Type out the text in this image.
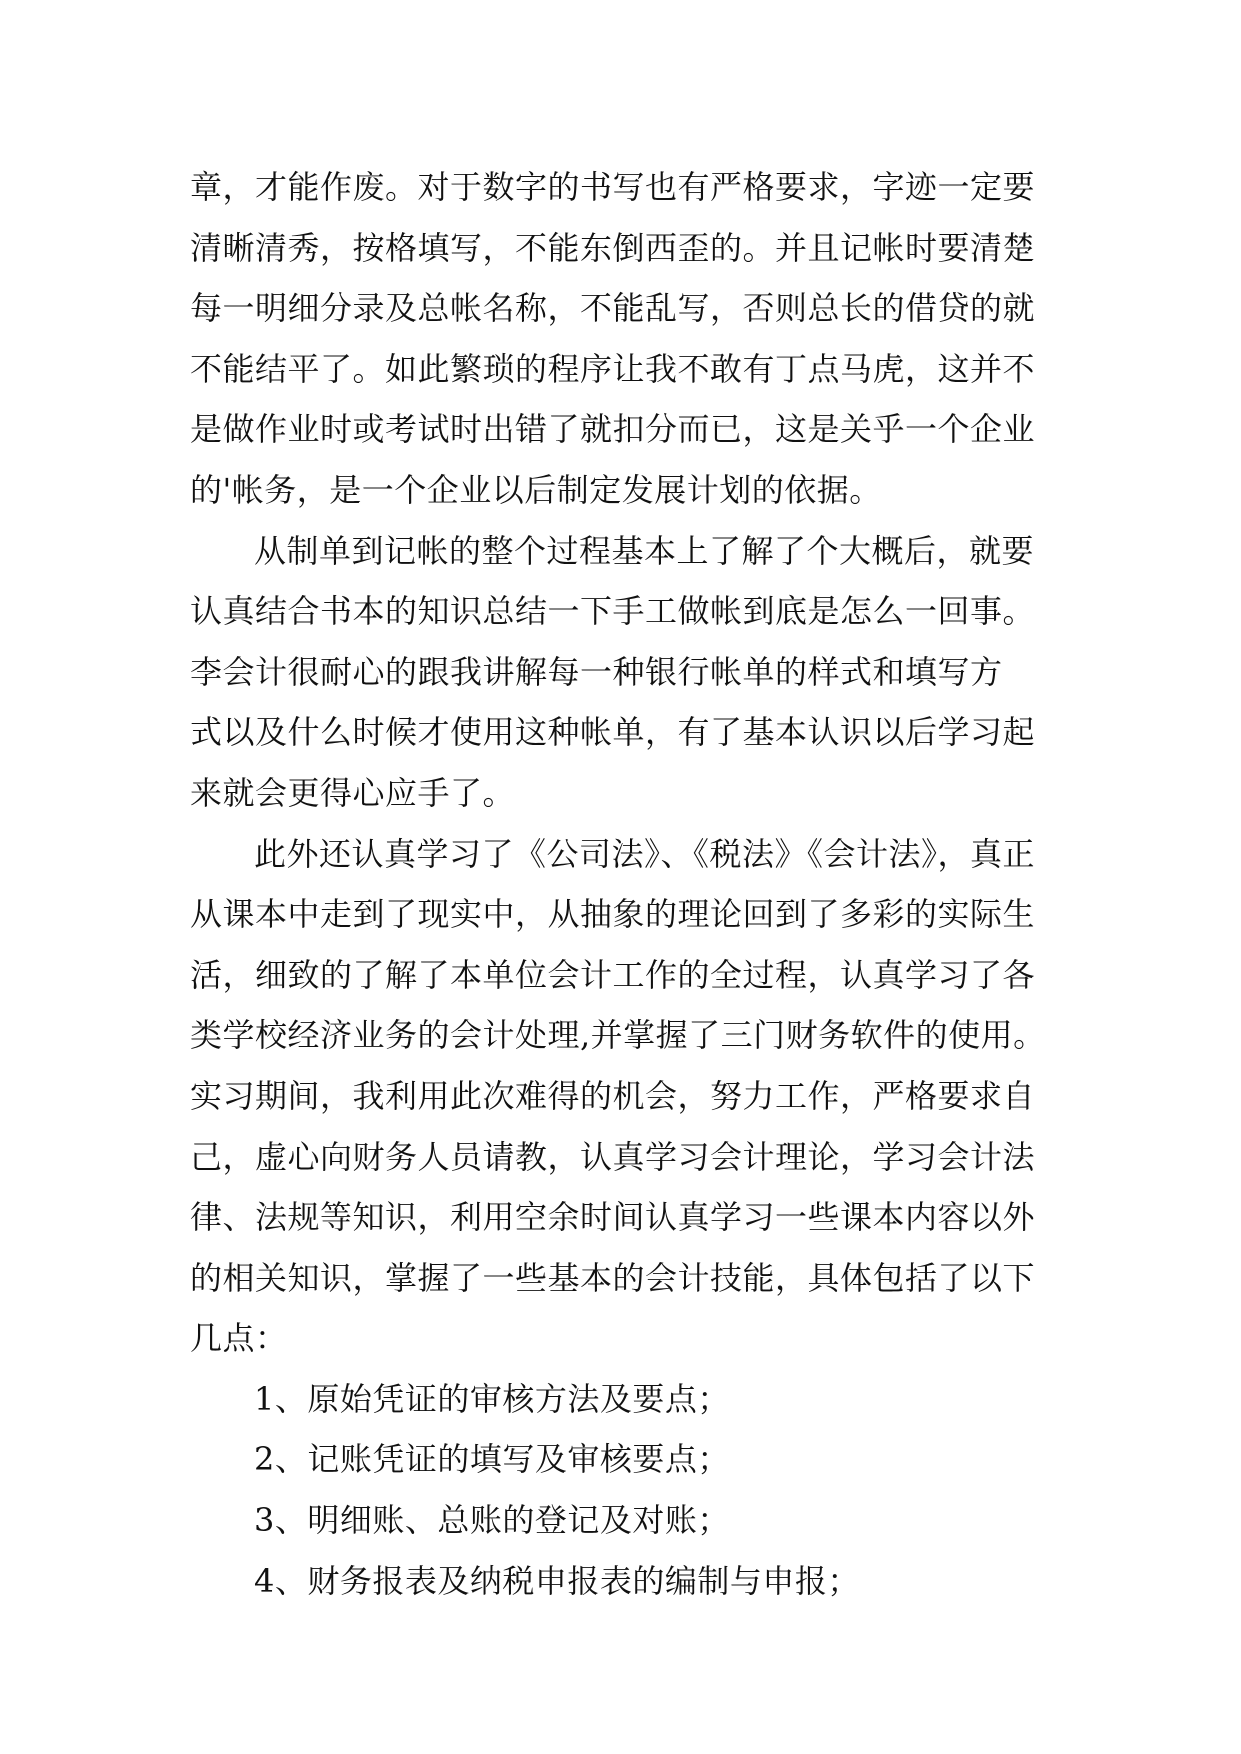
章，才能作废。对于数字的书写也有严格要求，字迹一定要
清晰清秀，按格填写，不能东倒西歪的。并且记帐时要清楚
每一明细分录及总帐名称，不能乱写，否则总长的借贷的就
不能结平了。如此繁琐的程序让我不敢有丁点马虎，这并不
是做作业时或考试时出错了就扣分而已，这是关乎一个企业
的'帐务，是一个企业以后制定发展计划的依据。
从制单到记帐的整个过程基本上了解了个大概后，就要
认真结合书本的知识总结一下手工做帐到底是怎么一回事。
李会计很耐心的跟我讲解每一种银行帐单的样式和填写方
式以及什么时候才使用这种帐单，有了基本认识以后学习起
来就会更得心应手了。
此外还认真学习了《公司法》、《税法》《会计法》，真正
从课本中走到了现实中，从抽象的理论回到了多彩的实际生
活，细致的了解了本单位会计工作的全过程，认真学习了各
类学校经济业务的会计处理,并掌握了三门财务软件的使用。
实习期间，我利用此次难得的机会，努力工作，严格要求自
己，虚心向财务人员请教，认真学习会计理论，学习会计法
律、法规等知识，利用空余时间认真学习一些课本内容以外
的相关知识，掌握了一些基本的会计技能，具体包括了以下
几点：
1、原始凭证的审核方法及要点；
2、记账凭证的填写及审核要点；
3、明细账、总账的登记及对账；
4、财务报表及纳税申报表的编制与申报；
